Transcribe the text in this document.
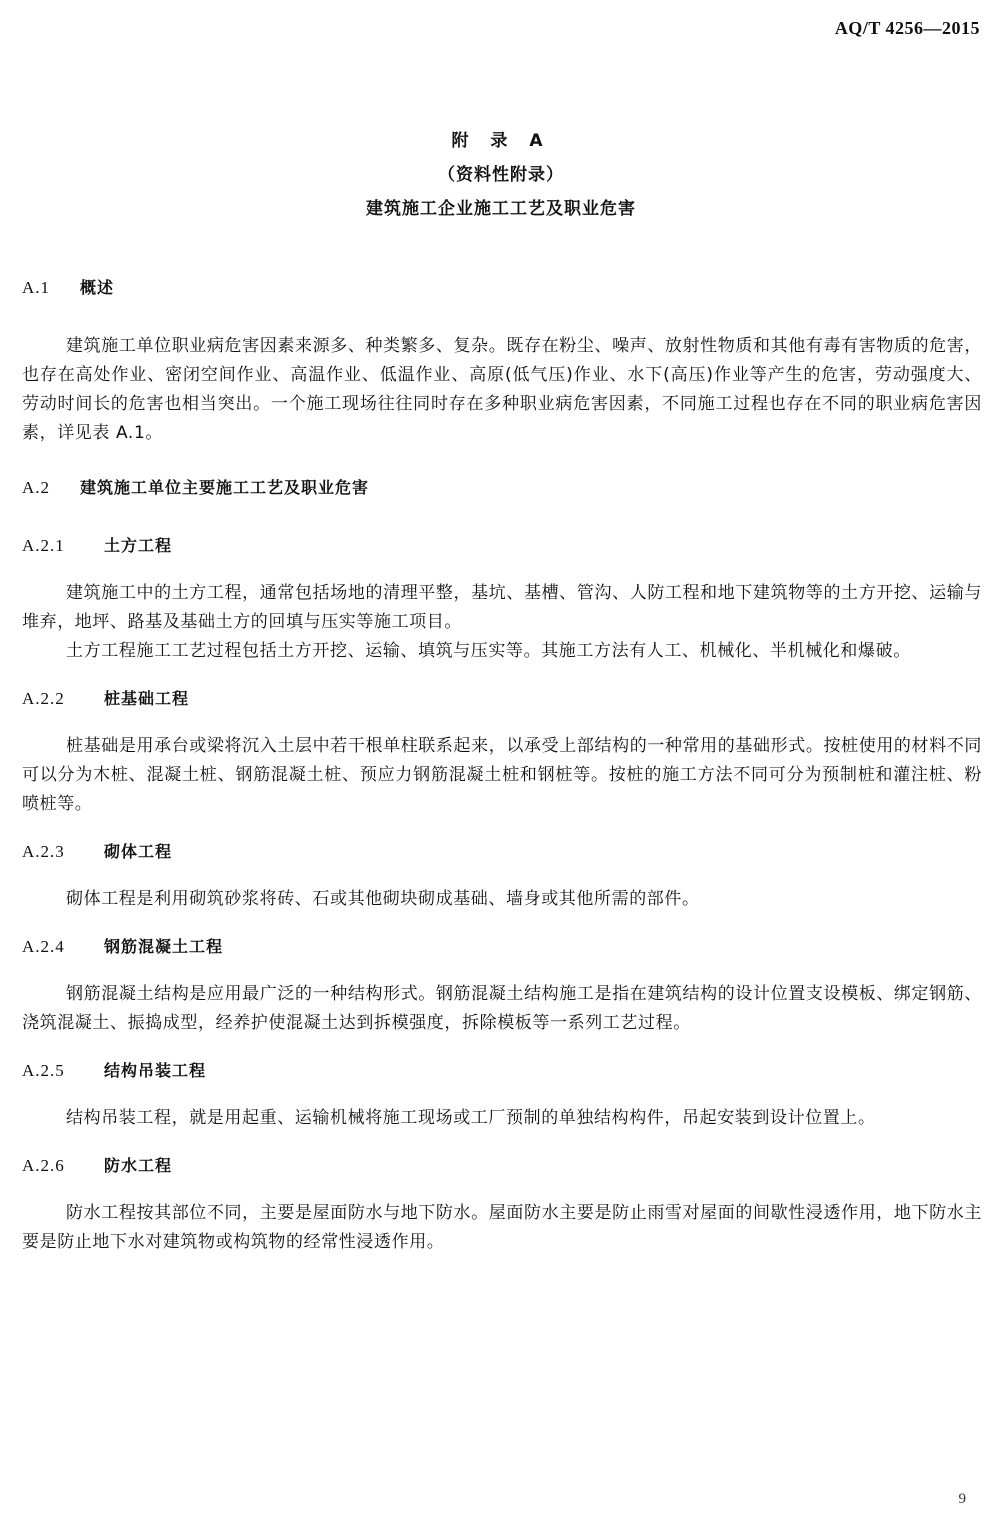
AQ/T 4256—2015
附 录 A
（资料性附录）
建筑施工企业施工工艺及职业危害
A.1	概述

建筑施工单位职业病危害因素来源多、种类繁多、复杂。既存在粉尘、噪声、放射性物质和其他有毒有害物质的危害，也存在高处作业、密闭空间作业、高温作业、低温作业、高原(低气压)作业、水下(高压)作业等产生的危害，劳动强度大、劳动时间长的危害也相当突出。一个施工现场往往同时存在多种职业病危害因素，不同施工过程也存在不同的职业病危害因素，详见表 A.1。

A.2	建筑施工单位主要施工工艺及职业危害
A.2.1	土方工程

建筑施工中的土方工程，通常包括场地的清理平整，基坑、基槽、管沟、人防工程和地下建筑物等的土方开挖、运输与堆弃，地坪、路基及基础土方的回填与压实等施工项目。

土方工程施工工艺过程包括土方开挖、运输、填筑与压实等。其施工方法有人工、机械化、半机械化和爆破。

A.2.2	桩基础工程

桩基础是用承台或梁将沉入土层中若干根单柱联系起来，以承受上部结构的一种常用的基础形式。按桩使用的材料不同可以分为木桩、混凝土桩、钢筋混凝土桩、预应力钢筋混凝土桩和钢桩等。按桩的施工方法不同可分为预制桩和灌注桩、粉喷桩等。

A.2.3	砌体工程

砌体工程是利用砌筑砂浆将砖、石或其他砌块砌成基础、墙身或其他所需的部件。

A.2.4	钢筋混凝土工程

钢筋混凝土结构是应用最广泛的一种结构形式。钢筋混凝土结构施工是指在建筑结构的设计位置支设模板、绑定钢筋、浇筑混凝土、振捣成型，经养护使混凝土达到拆模强度，拆除模板等一系列工艺过程。

A.2.5	结构吊装工程

结构吊装工程，就是用起重、运输机械将施工现场或工厂预制的单独结构构件，吊起安装到设计位置上。

A.2.6	防水工程

防水工程按其部位不同，主要是屋面防水与地下防水。屋面防水主要是防止雨雪对屋面的间歇性浸透作用，地下防水主要是防止地下水对建筑物或构筑物的经常性浸透作用。

9
